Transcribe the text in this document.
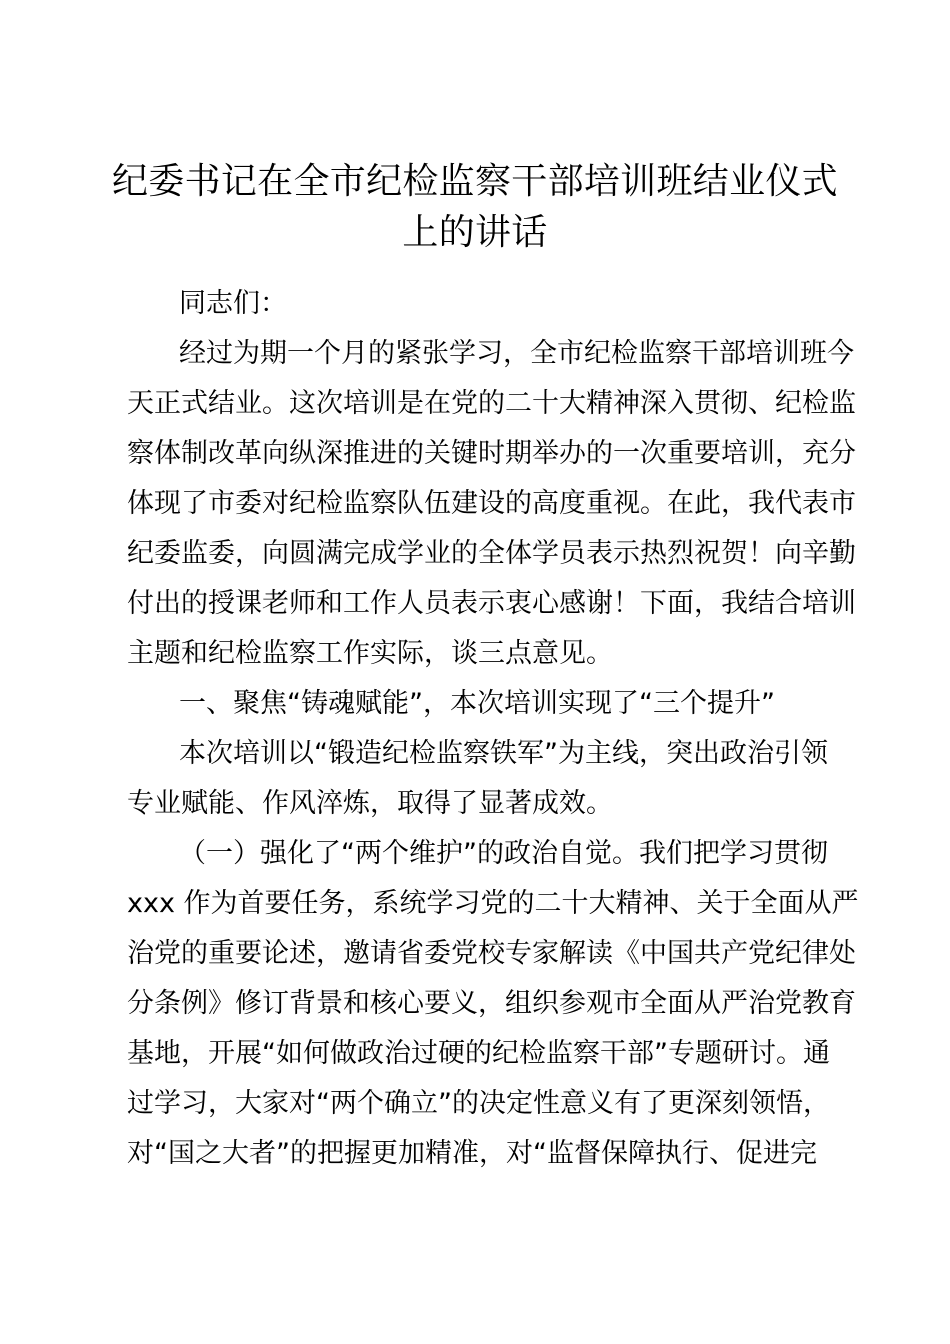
纪委书记在全市纪检监察干部培训班结业仪式
上的讲话

同志们：

经过为期一个月的紧张学习，全市纪检监察干部培训班今

天正式结业。这次培训是在党的二十大精神深入贯彻、纪检监

察体制改革向纵深推进的关键时期举办的一次重要培训，充分

体现了市委对纪检监察队伍建设的高度重视。在此，我代表市

纪委监委，向圆满完成学业的全体学员表示热烈祝贺！向辛勤

付出的授课老师和工作人员表示衷心感谢！下面，我结合培训

主题和纪检监察工作实际，谈三点意见。

一、聚焦“铸魂赋能”，本次培训实现了“三个提升”

本次培训以“锻造纪检监察铁军”为主线，突出政治引领

专业赋能、作风淬炼，取得了显著成效。

（一）强化了“两个维护”的政治自觉。我们把学习贯彻

xxx 作为首要任务，系统学习党的二十大精神、关于全面从严

治党的重要论述，邀请省委党校专家解读《中国共产党纪律处

分条例》修订背景和核心要义，组织参观市全面从严治党教育

基地，开展“如何做政治过硬的纪检监察干部”专题研讨。通

过学习，大家对“两个确立”的决定性意义有了更深刻领悟，

对“国之大者”的把握更加精准，对“监督保障执行、促进完
